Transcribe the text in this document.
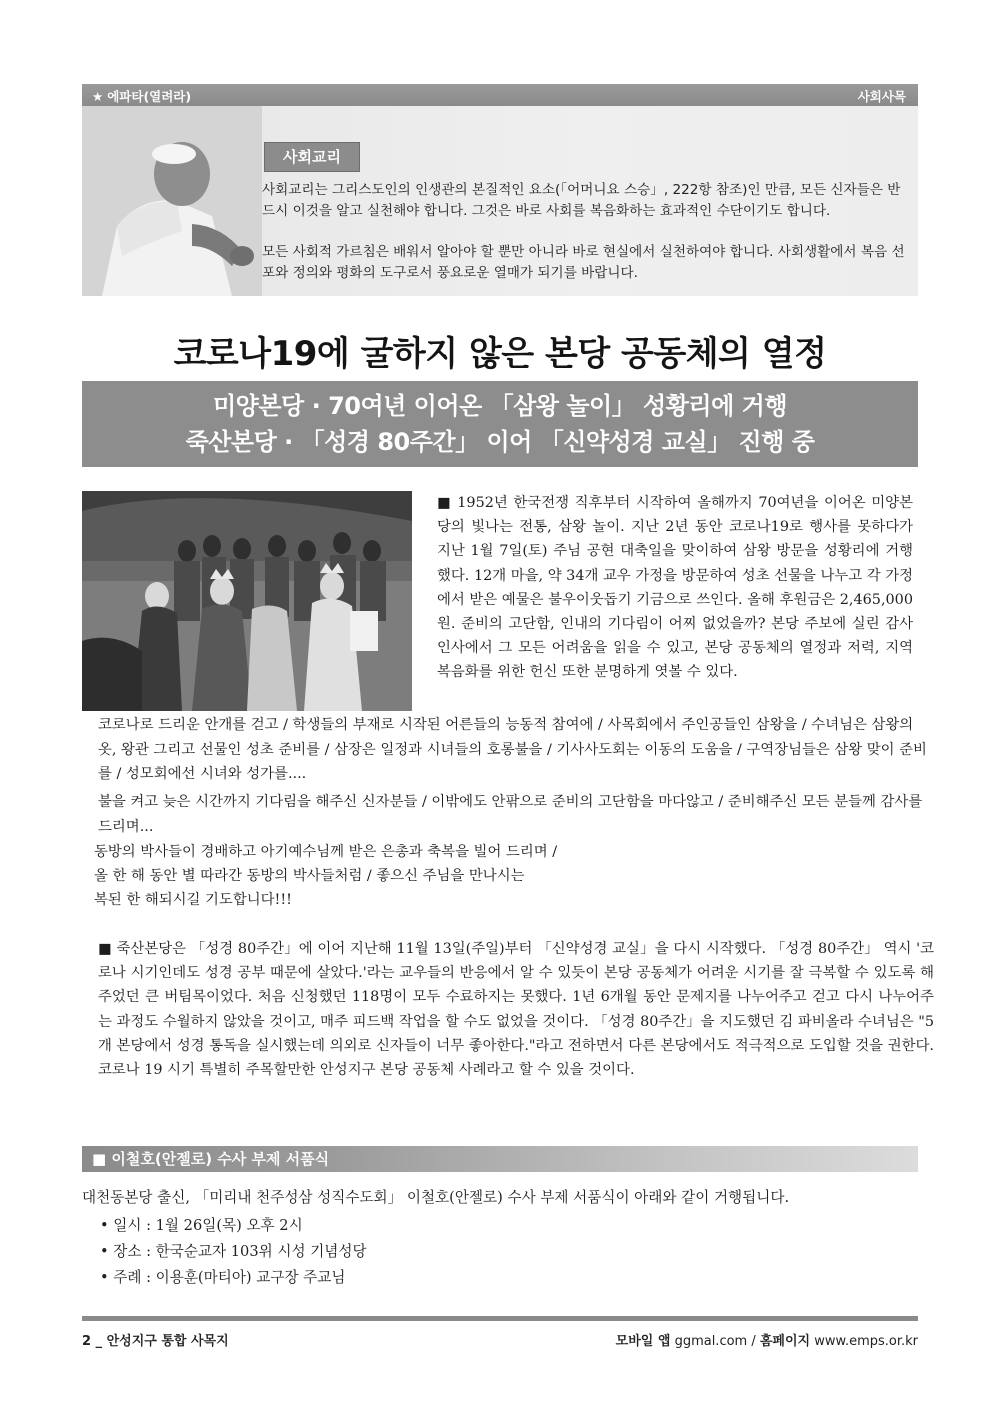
★ 에파타(열려라)	사회사목
사회교리
사회교리는 그리스도인의 인생관의 본질적인 요소(「어머니요 스승」, 222항 참조)인 만큼, 모든 신자들은 반드시 이것을 알고 실천해야 합니다. 그것은 바로 사회를 복음화하는 효과적인 수단이기도 합니다.
모든 사회적 가르침은 배워서 알아야 할 뿐만 아니라 바로 현실에서 실천하여야 합니다. 사회생활에서 복음 선포와 정의와 평화의 도구로서 풍요로운 열매가 되기를 바랍니다.
코로나19에 굴하지 않은 본당 공동체의 열정
미양본당 · 70여년 이어온 「삼왕 놀이」 성황리에 거행
죽산본당 · 「성경 80주간」 이어 「신약성경 교실」 진행 중
공동체 사진
■ 1952년 한국전쟁 직후부터 시작하여 올해까지 70여년을 이어온 미양본당의 빛나는 전통, 삼왕 놀이. 지난 2년 동안 코로나19로 행사를 못하다가 지난 1월 7일(토) 주님 공현 대축일을 맞이하여 삼왕 방문을 성황리에 거행했다. 12개 마을, 약 34개 교우 가정을 방문하여 성초 선물을 나누고 각 가정에서 받은 예물은 불우이웃돕기 기금으로 쓰인다. 올해 후원금은 2,465,000원. 준비의 고단함, 인내의 기다림이 어찌 없었을까? 본당 주보에 실린 감사 인사에서 그 모든 어려움을 읽을 수 있고, 본당 공동체의 열정과 저력, 지역 복음화를 위한 헌신 또한 분명하게 엿볼 수 있다.
코로나로 드리운 안개를 걷고 / 학생들의 부재로 시작된 어른들의 능동적 참여에 / 사목회에서 주인공들인 삼왕을 / 수녀님은 삼왕의 옷, 왕관 그리고 선물인 성초 준비를 / 삼장은 일정과 시녀들의 호롱불을 / 기사사도회는 이동의 도움을 / 구역장님들은 삼왕 맞이 준비를 / 성모회에선 시녀와 성가를....
불을 켜고 늦은 시간까지 기다림을 해주신 신자분들 / 이밖에도 안팎으로 준비의 고단함을 마다않고 / 준비해주신 모든 분들께 감사를 드리며...
동방의 박사들이 경배하고 아기예수님께 받은 은총과 축복을 빌어 드리며 /
올 한 해 동안 별 따라간 동방의 박사들처럼 / 좋으신 주님을 만나시는
복된 한 해되시길 기도합니다!!!
■ 죽산본당은 「성경 80주간」에 이어 지난해 11월 13일(주일)부터 「신약성경 교실」을 다시 시작했다. 「성경 80주간」 역시 '코로나 시기인데도 성경 공부 때문에 살았다.'라는 교우들의 반응에서 알 수 있듯이 본당 공동체가 어려운 시기를 잘 극복할 수 있도록 해주었던 큰 버팀목이었다. 처음 신청했던 118명이 모두 수료하지는 못했다. 1년 6개월 동안 문제지를 나누어주고 걷고 다시 나누어주는 과정도 수월하지 않았을 것이고, 매주 피드백 작업을 할 수도 없었을 것이다. 「성경 80주간」을 지도했던 김 파비올라 수녀님은 "5개 본당에서 성경 통독을 실시했는데 의외로 신자들이 너무 좋아한다."라고 전하면서 다른 본당에서도 적극적으로 도입할 것을 권한다. 코로나 19 시기 특별히 주목할만한 안성지구 본당 공동체 사례라고 할 수 있을 것이다.
■ 이철호(안젤로) 수사 부제 서품식
대천동본당 출신, 「미리내 천주성삼 성직수도회」 이철호(안젤로) 수사 부제 서품식이 아래와 같이 거행됩니다.
• 일시 : 1월 26일(목) 오후 2시
• 장소 : 한국순교자 103위 시성 기념성당
• 주례 : 이용훈(마티아) 교구장 주교님
2 _ 안성지구 통합 사목지	모바일 앱 ggmal.com / 홈페이지 www.emps.or.kr
